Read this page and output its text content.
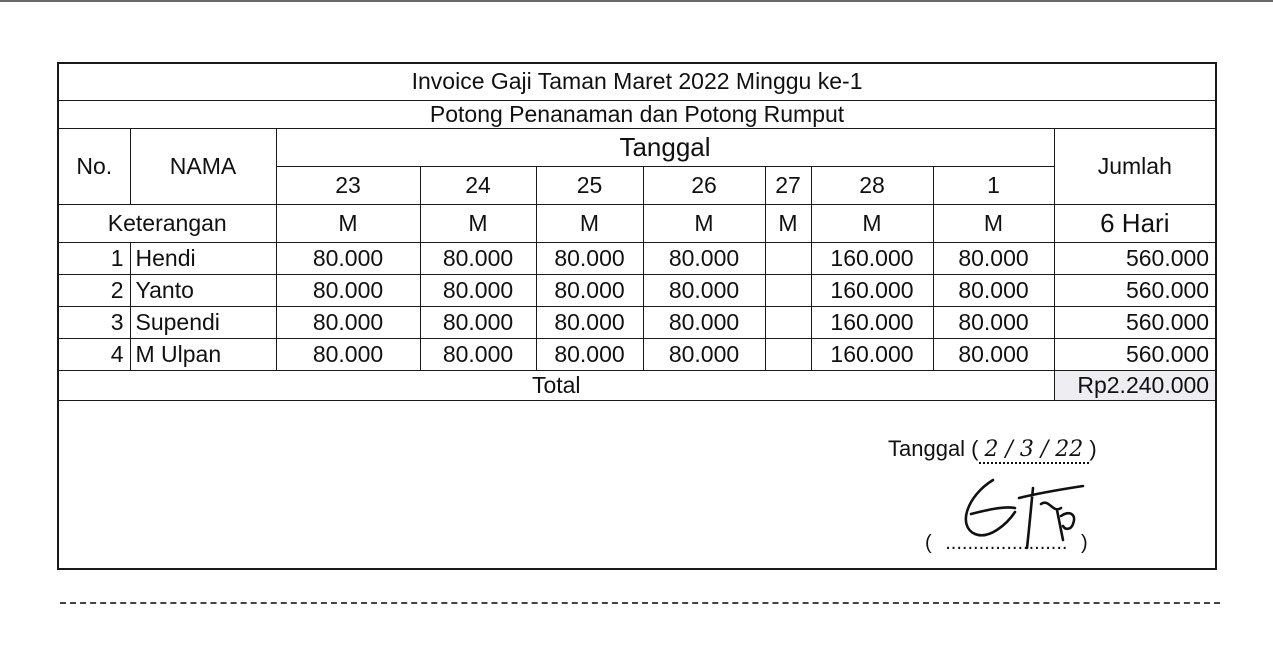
Invoice Gaji Taman Maret 2022 Minggu ke-1									
Potong Penanaman dan Potong Rumput									
No.	NAMA	Tanggal							Jumlah
		23	24	25	26	27	28	1	
Keterangan		M	M	M	M	M	M	M	6 Hari
1	Hendi	80.000	80.000	80.000	80.000		160.000	80.000	560.000
2	Yanto	80.000	80.000	80.000	80.000		160.000	80.000	560.000
3	Supendi	80.000	80.000	80.000	80.000		160.000	80.000	560.000
4	M Ulpan	80.000	80.000	80.000	80.000		160.000	80.000	560.000
Total									Rp2.240.000
Tanggal ( 2 / 3 / 22 )
( ...................... )
